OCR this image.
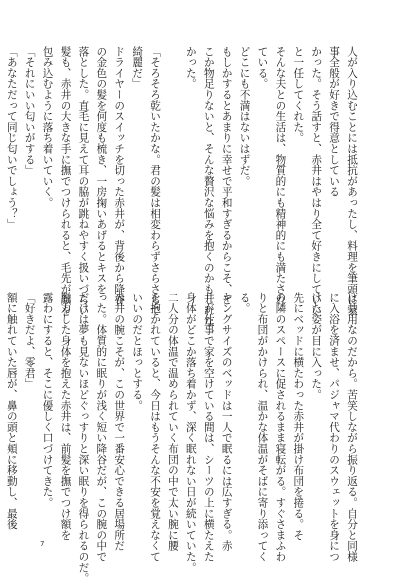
人が入り込むことには抵抗があったし、料理を筆頭に家
事全般が好きで得意としている
かった。そう話すと、赤井はやはり全て好きにしていい
と一任してくれた。
そんな夫との生活は、物質的にも精神的にも満たされ
ている。
どこにも不満はないはずだ。
もしかするとあまりに幸せで平和すぎるからこそ、ど
こか物足りないと、そんな贅沢な悩みを抱くのかもしれな
かった。

「そろそろ乾いたかな。君の髪は相変わらずさらさらで
綺麗だ」
ドライヤーのスイッチを切った赤井が、背後から降谷
の金色の髪を何度も梳き、一房掬いあげるとキスを
落とした。直毛に見えて耳の脇が跳ねやすく扱いづらい
髪も、赤井の大きな手に撫でつけられると、毛先が顔を
包み込むように落ち着いていく。
「それにいい匂いがする」
「あなただって同じ匂いでしょう？」
は共用なのだから。苦笑しながら振り返る。自分と同様
に入浴を済ませ、パジャマ代わりのスウェットを身につ
けた姿が目に入った。
先にベッドに横たわった赤井が掛け布団を捲る。そ
の隣のスペースに促されるまま寝転がる。すぐさまふわ
りと布団がかけられ、温かな体温がそばに寄り添ってく
る。
キングサイズのベッドは一人で眠るには広すぎる。赤
井が仕事で家を空けている間は、シーツの上に横たえた
身体がどこか落ち着かず、深く眠れない日が続いていた。
二人分の体温で温められていく布団の中で太い腕に腰
を抱かれていると、今日はもうそんな不安を覚えなくて
いいのだとほっとする。
赤井の腕こそが、この世界で一番安心できる居場所だ
った。体質的に眠りが浅く短い降谷だが、この腕の中で
だけは夢も見ないほどぐっすりと深い眠りを得られるのだ。
脱力した身体を抱えた赤井は、前髪を撫でつけ額を
露わにすると、そこに優しく口づけてきた。
「好きだよ、零君」
額に触れていた唇が、鼻の頭と頬に移動し、最後
7
